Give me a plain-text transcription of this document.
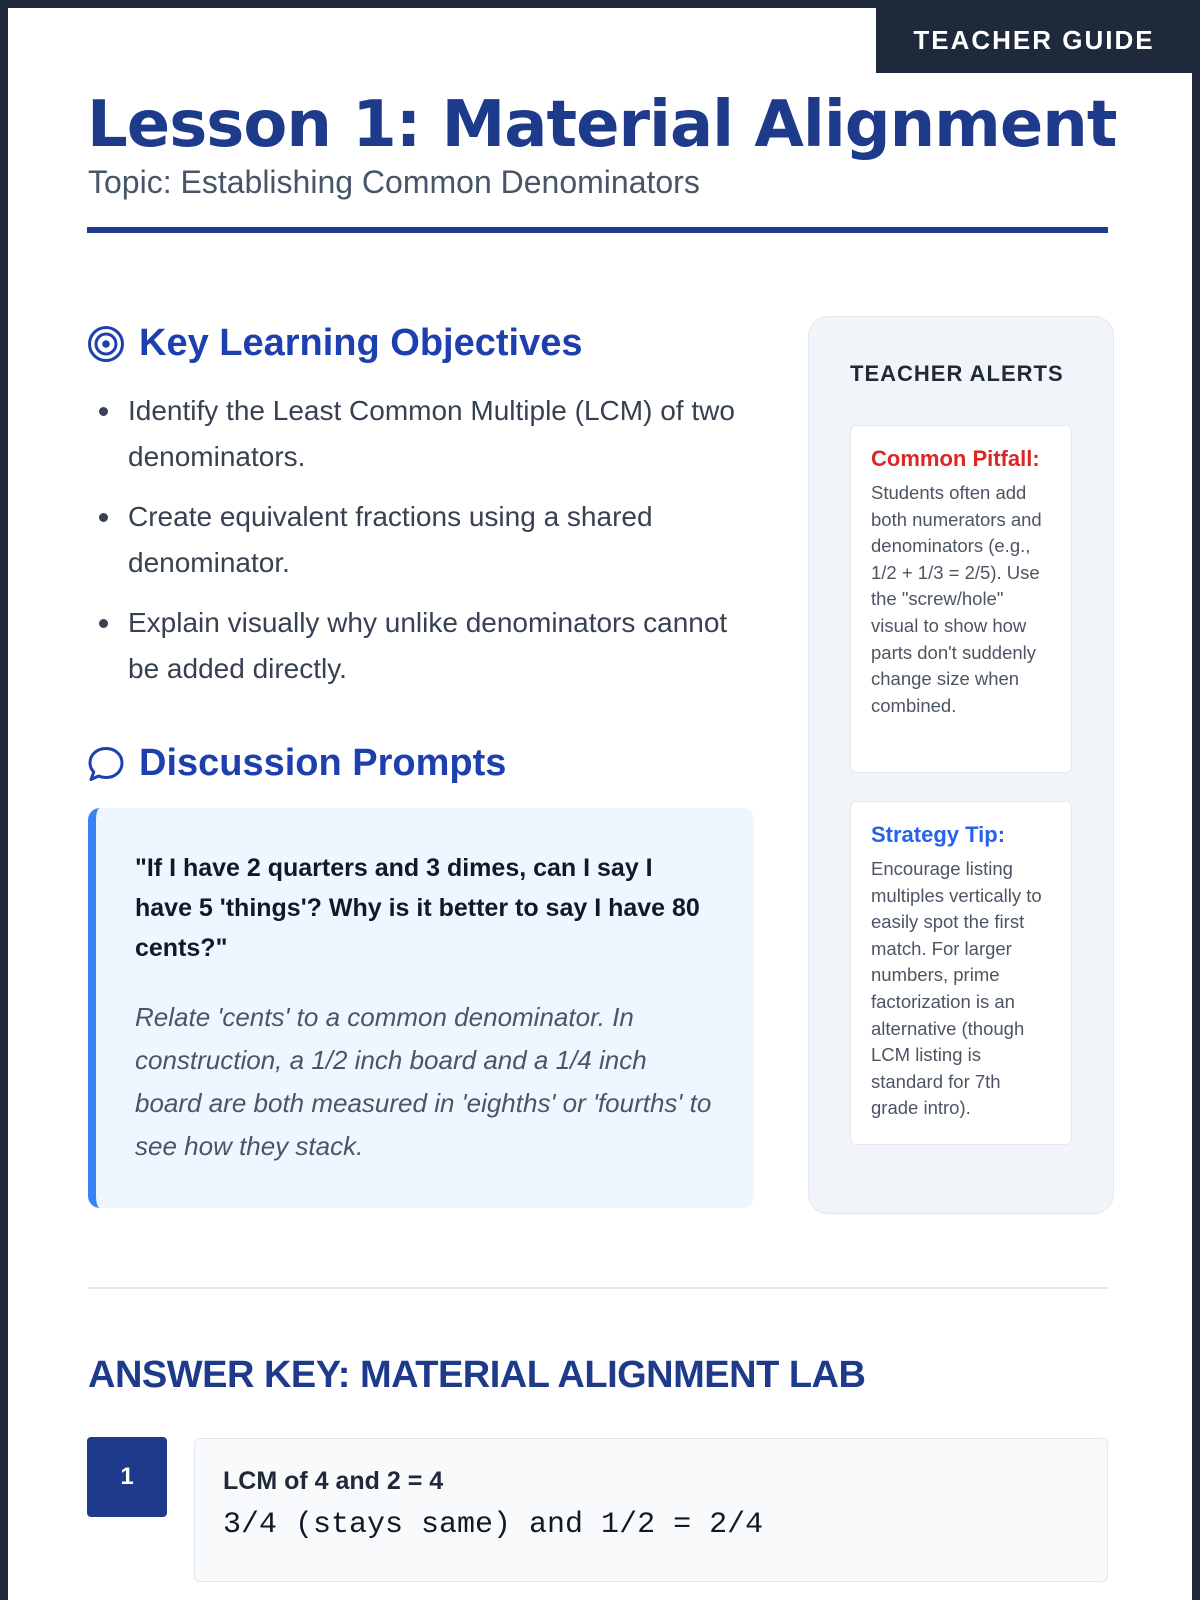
TEACHER GUIDE
Lesson 1: Material Alignment
Topic: Establishing Common Denominators
Key Learning Objectives
Identify the Least Common Multiple (LCM) of two denominators.
Create equivalent fractions using a shared denominator.
Explain visually why unlike denominators cannot be added directly.
Discussion Prompts

"If I have 2 quarters and 3 dimes, can I say I have 5 'things'? Why is it better to say I have 80 cents?"

Relate 'cents' to a common denominator. In construction, a 1/2 inch board and a 1/4 inch board are both measured in 'eighths' or 'fourths' to see how they stack.

TEACHER ALERTS

Common Pitfall:

Students often add both numerators and denominators (e.g., 1/2 + 1/3 = 2/5). Use the "screw/hole" visual to show how parts don't suddenly change size when combined.

Strategy Tip:

Encourage listing multiples vertically to easily spot the first match. For larger numbers, prime factorization is an alternative (though LCM listing is standard for 7th grade intro).

ANSWER KEY: MATERIAL ALIGNMENT LAB
1	LCM of 4 and 2 = 4

3/4 (stays same) and 1/2 = 2/4
